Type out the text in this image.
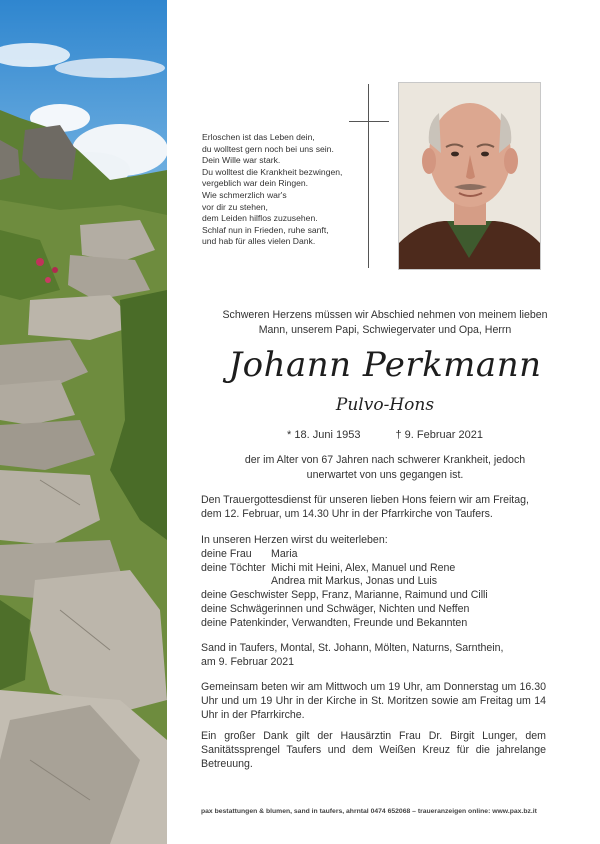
Erloschen ist das Leben dein,
du wolltest gern noch bei uns sein.
Dein Wille war stark.
Du wolltest die Krankheit bezwingen,
vergeblich war dein Ringen.
Wie schmerzlich war's
vor dir zu stehen,
dem Leiden hilflos zuzusehen.
Schlaf nun in Frieden, ruhe sanft,
und hab für alles vielen Dank.
Schweren Herzens müssen wir Abschied nehmen von meinem lieben
Mann, unserem Papi, Schwiegervater und Opa, Herrn
Johann Perkmann
Pulvo-Hons
* 18. Juni 1953	† 9. Februar 2021
der im Alter von 67 Jahren nach schwerer Krankheit, jedoch
unerwartet von uns gegangen ist.
Den Trauergottesdienst für unseren lieben Hons feiern wir am Freitag,
dem 12. Februar, um 14.30 Uhr in der Pfarrkirche von Taufers.
In unseren Herzen wirst du weiterleben:
deine Frau Maria
deine Töchter Michi mit Heini, Alex, Manuel und Rene
Andrea mit Markus, Jonas und Luis
deine Geschwister Sepp, Franz, Marianne, Raimund und Cilli
deine Schwägerinnen und Schwäger, Nichten und Neffen
deine Patenkinder, Verwandten, Freunde und Bekannten
Sand in Taufers, Montal, St. Johann, Mölten, Naturns, Sarnthein,
am 9. Februar 2021
Gemeinsam beten wir am Mittwoch um 19 Uhr, am Donnerstag um 16.30 Uhr und um 19 Uhr in der Kirche in St. Moritzen sowie am Freitag um 14 Uhr in der Pfarrkirche.
Ein großer Dank gilt der Hausärztin Frau Dr. Birgit Lunger, dem Sanitätssprengel Taufers und dem Weißen Kreuz für die jahrelange Betreuung.
pax bestattungen & blumen, sand in taufers, ahrntal 0474 652068 – traueranzeigen online: www.pax.bz.it
